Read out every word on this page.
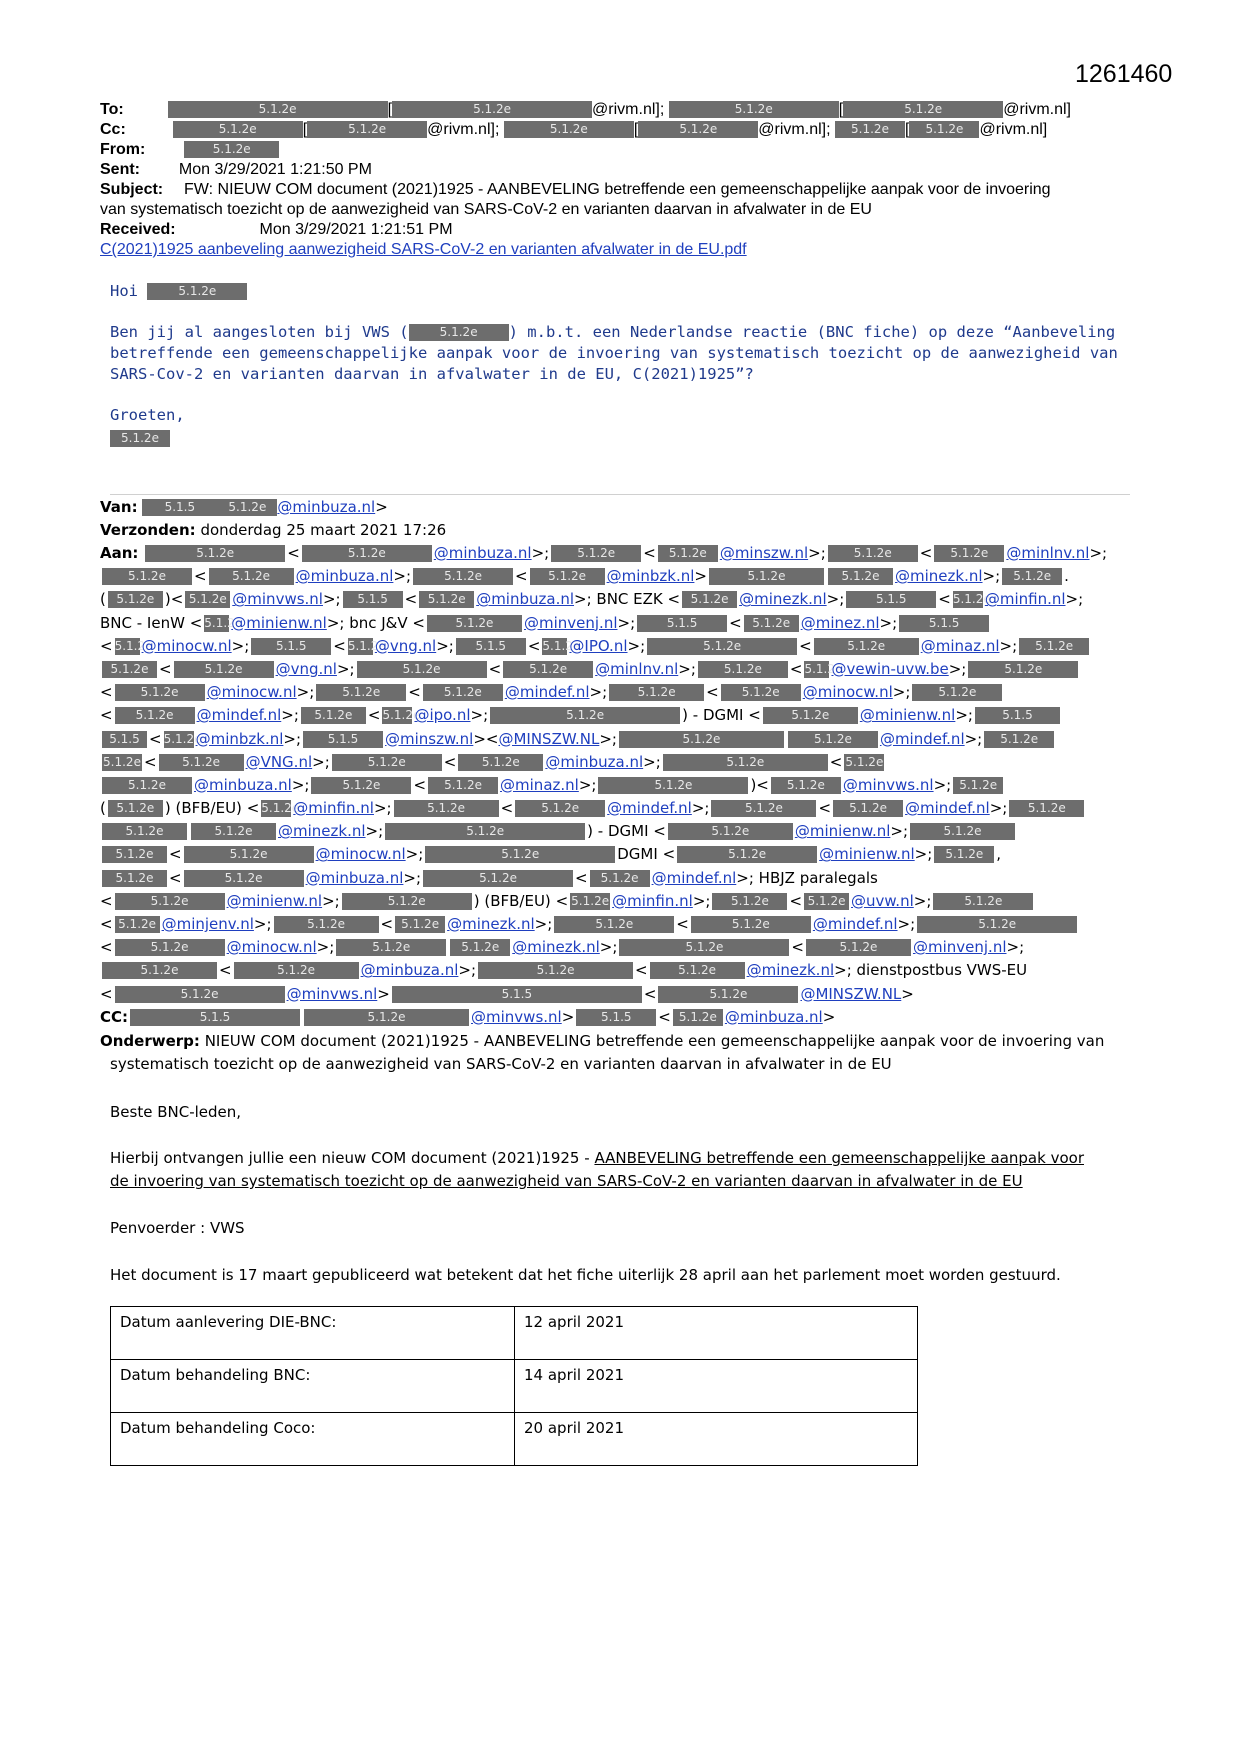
1261460
To:	5.1.2e	[	5.1.2e	@rivm.nl];	5.1.2e	[	5.1.2e	@rivm.nl]
Cc:	5.1.2e	[	5.1.2e	@rivm.nl];	5.1.2e	[	5.1.2e	@rivm.nl]; 5.1.2e [ 5.1.2e @rivm.nl]
From:	5.1.2e
Sent: Mon 3/29/2021 1:21:50 PM
Subject: FW: NIEUW COM document (2021)1925 - AANBEVELING betreffende een gemeenschappelijke aanpak voor de invoering
van systematisch toezicht op de aanwezigheid van SARS-CoV-2 en varianten daarvan in afvalwater in de EU
Received:	Mon 3/29/2021 1:21:51 PM
C(2021)1925 aanbeveling aanwezigheid SARS-CoV-2 en varianten afvalwater in de EU.pdf
Hoi	5.1.2e
Ben jij al aangesloten bij VWS (	5.1.2e ) m.b.t. een Nederlandse reactie (BNC fiche) op deze “Aanbeveling
betreffende een gemeenschappelijke aanpak voor de invoering van systematisch toezicht op de aanwezigheid van
SARS-Cov-2 en varianten daarvan in afvalwater in de EU, C(2021)1925”?
Groeten,
5.1.2e
Van: 5.1.5	5.1.2e @minbuza.nl>
Verzonden: donderdag 25 maart 2021 17:26
Aan:	5.1.2e	<	5.1.2e	@minbuza.nl>; 5.1.2e < 5.1.2e @minszw.nl>; 5.1.2e < 5.1.2e @minlnv.nl>;
5.1.2e < 5.1.2e @minbuza.nl>;	5.1.2e < 5.1.2e @minbzk.nl>	5.1.2e	5.1.2e @minezk.nl>; 5.1.2e .
( 5.1.2e )< 5.1.2e @minvws.nl>; 5.1.5 < 5.1.2e @minbuza.nl>; BNC EZK < 5.1.2e @minezk.nl>;	5.1.5 < 5.1.2e@minfin.nl>;
BNC - IenW < 5.1.2e@minienw.nl>; bnc J&V <	5.1.2e @minvenj.nl>;	5.1.5 < 5.1.2e @minez.nl>;	5.1.5
< 5.1.2e@minocw.nl>; 5.1.5 < 5.1.2e@vng.nl>; 5.1.5 < 5.1.2e@IPO.nl>;	5.1.2e	<	5.1.2e @minaz.nl>; 5.1.2e
5.1.2e <	5.1.2e @vng.nl>;	5.1.2e	< 5.1.2e @minlnv.nl>; 5.1.2e < 5.1.2e@vewin-uvw.be>;	5.1.2e
< 5.1.2e @minocw.nl>; 5.1.2e < 5.1.2e @mindef.nl>;	5.1.2e < 5.1.2e @minocw.nl>; 5.1.2e
< 5.1.2e @mindef.nl>; 5.1.2e < 5.1.2e@ipo.nl>;	5.1.2e	) - DGMI <	5.1.2e @minienw.nl>; 5.1.5
5.1.5 < 5.1.2e@minbzk.nl>; 5.1.5 @minszw.nl><@MINSZW.NL>;	5.1.2e	5.1.2e @mindef.nl>; 5.1.2e
5.1.2e < 5.1.2e @VNG.nl>;	5.1.2e	< 5.1.2e @minbuza.nl>;	5.1.2e	< 5.1.2e
5.1.2e @minbuza.nl>;	5.1.2e < 5.1.2e @minaz.nl>;	5.1.2e	)< 5.1.2e @minvws.nl>; 5.1.2e
( 5.1.2e ) (BFB/EU) < 5.1.2e@minfin.nl>;	5.1.2e < 5.1.2e @mindef.nl>;	5.1.2e < 5.1.2e @mindef.nl>; 5.1.2e
5.1.2e	5.1.2e @minezk.nl>;	5.1.2e	) - DGMI <	5.1.2e	@minienw.nl>;	5.1.2e
5.1.2e <	5.1.2e	@minocw.nl>;	5.1.2e	DGMI <	5.1.2e	@minienw.nl>; 5.1.2e ,
5.1.2e <	5.1.2e	@minbuza.nl>;	5.1.2e	< 5.1.2e @mindef.nl>; HBJZ paralegals
<	5.1.2e	@minienw.nl>;	5.1.2e	) (BFB/EU) < 5.1.2e @minfin.nl>; 5.1.2e < 5.1.2e @uvw.nl>;	5.1.2e
< 5.1.2e @minjenv.nl>;	5.1.2e < 5.1.2e @minezk.nl>;	5.1.2e	<	5.1.2e	@mindef.nl>;	5.1.2e
<	5.1.2e	@minocw.nl>;	5.1.2e	5.1.2e @minezk.nl>;	5.1.2e	<	5.1.2e @minvenj.nl>;
5.1.2e	<	5.1.2e	@minbuza.nl>;	5.1.2e	<	5.1.2e @minezk.nl>; dienstpostbus VWS-EU
<	5.1.2e	@minvws.nl>	5.1.5	<	5.1.2e	@MINSZW.NL>
CC:	5.1.5	5.1.2e	@minvws.nl> 5.1.5 < 5.1.2e @minbuza.nl>
Onderwerp: NIEUW COM document (2021)1925 - AANBEVELING betreffende een gemeenschappelijke aanpak voor de invoering van
systematisch toezicht op de aanwezigheid van SARS-CoV-2 en varianten daarvan in afvalwater in de EU
Beste BNC-leden,
Hierbij ontvangen jullie een nieuw COM document (2021)1925 - AANBEVELING betreffende een gemeenschappelijke aanpak voor
de invoering van systematisch toezicht op de aanwezigheid van SARS-CoV-2 en varianten daarvan in afvalwater in de EU
Penvoerder : VWS
Het document is 17 maart gepubliceerd wat betekent dat het fiche uiterlijk 28 april aan het parlement moet worden gestuurd.
Datum aanlevering DIE-BNC:	12 april 2021
Datum behandeling BNC:	14 april 2021
Datum behandeling Coco:	20 april 2021
